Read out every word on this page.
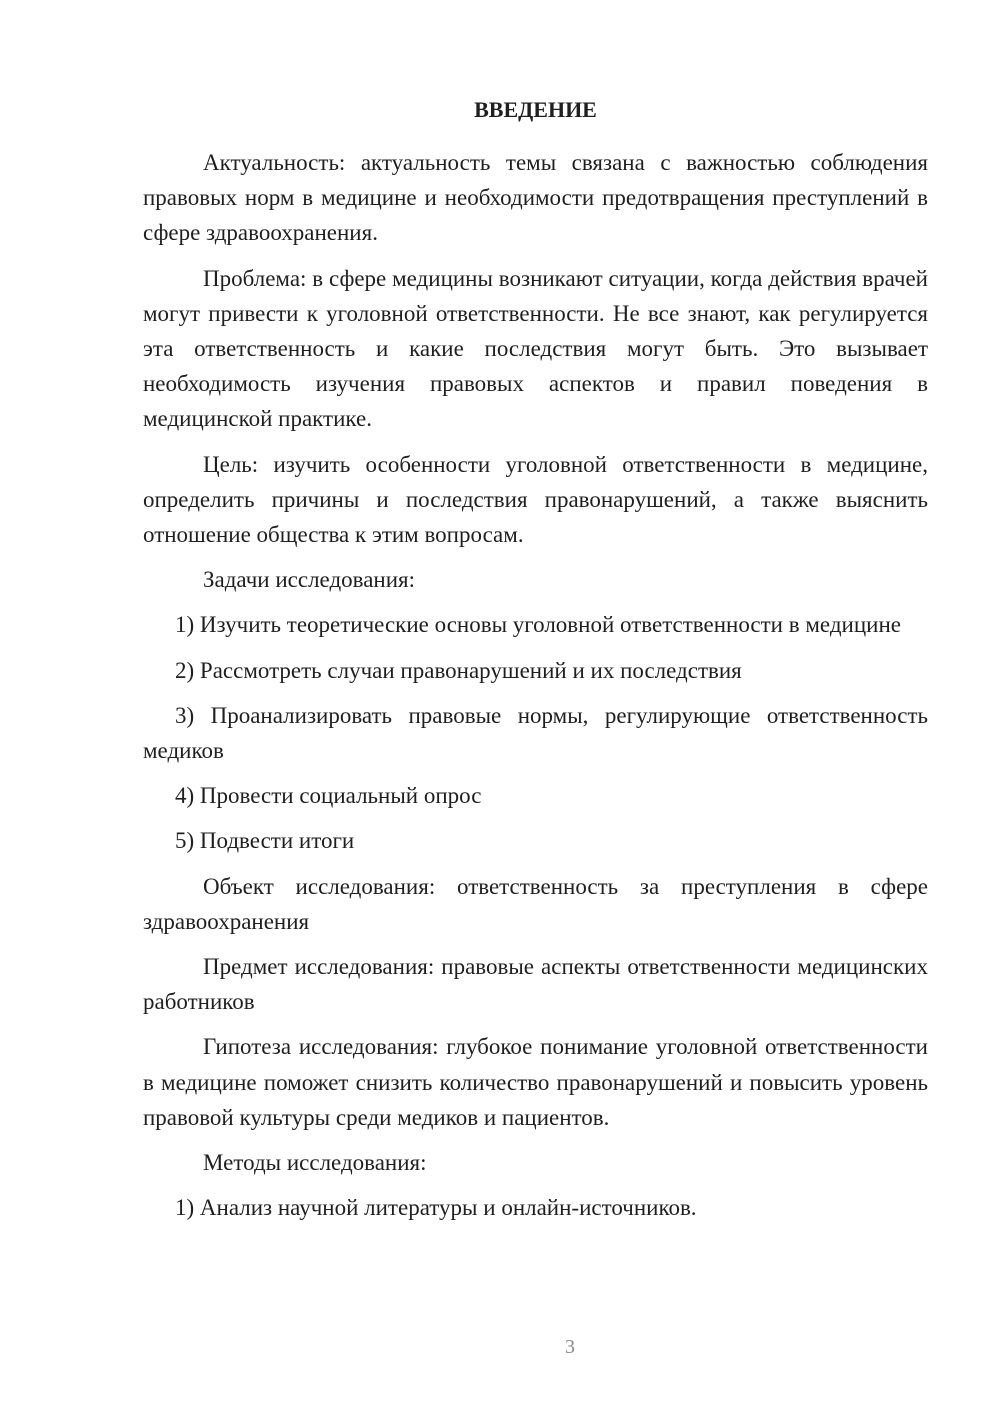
ВВЕДЕНИЕ

Актуальность: актуальность темы связана с важностью соблюдения правовых норм в медицине и необходимости предотвращения преступлений в сфере здравоохранения.

Проблема: в сфере медицины возникают ситуации, когда действия врачей могут привести к уголовной ответственности. Не все знают, как регулируется эта ответственность и какие последствия могут быть. Это вызывает необходимость изучения правовых аспектов и правил поведения в медицинской практике.

Цель: изучить особенности уголовной ответственности в медицине, определить причины и последствия правонарушений, а также выяснить отношение общества к этим вопросам.

Задачи исследования:

1) Изучить теоретические основы уголовной ответственности в медицине

2) Рассмотреть случаи правонарушений и их последствия

3) Проанализировать правовые нормы, регулирующие ответственность медиков

4) Провести социальный опрос

5) Подвести итоги

Объект исследования: ответственность за преступления в сфере здравоохранения

Предмет исследования: правовые аспекты ответственности медицинских работников

Гипотеза исследования: глубокое понимание уголовной ответственности в медицине поможет снизить количество правонарушений и повысить уровень правовой культуры среди медиков и пациентов.

Методы исследования:

1) Анализ научной литературы и онлайн-источников.

3
